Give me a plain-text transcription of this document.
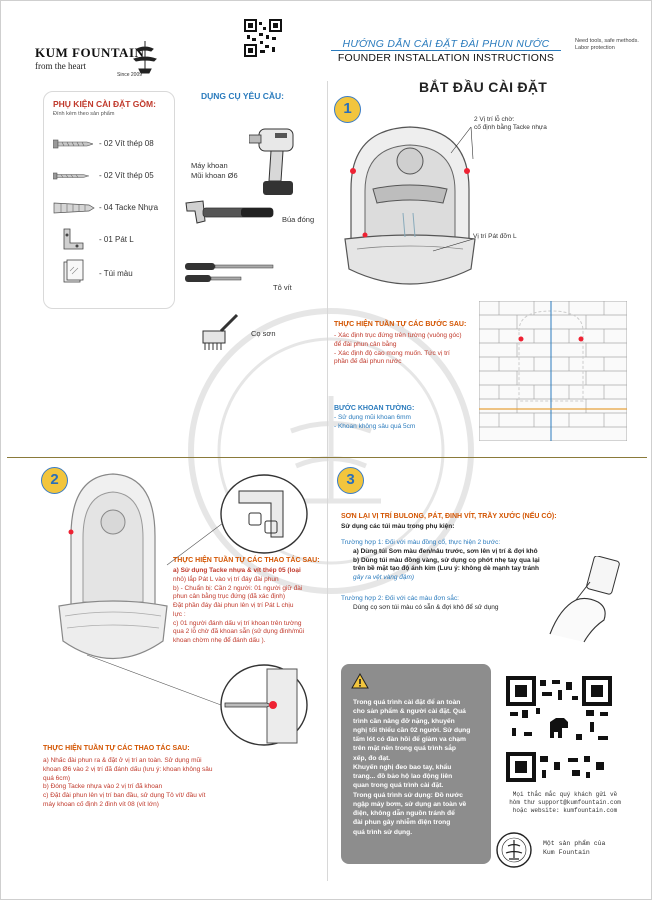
KUM FOUNTAIN
from the heart
Since 2009
HƯỚNG DẪN CÀI ĐẶT ĐÀI PHUN NƯỚC
FOUNDER INSTALLATION INSTRUCTIONS
Need tools, safe methods. Labor protection
PHỤ KIỆN CÀI ĐẶT GỒM:
Đính kèm theo sản phẩm
- 02 Vít thép 08
- 02 Vít thép 05
- 04 Tacke Nhựa
- 01 Pát L
- Túi màu
DỤNG CỤ YÊU CẦU:
Máy khoan
Mũi khoan Ø6
Búa đóng
Tô vít
Cọ sơn
BẮT ĐẦU CÀI ĐẶT
1
2 Vị trí lỗ chờ:
cố định bằng Tacke nhựa
Vị trí Pát đỡn L
THỰC HIỆN TUẦN TỰ CÁC BƯỚC SAU:
- Xác định trục đứng trên tường (vuông góc)
để đài phun cân bằng
- Xác định độ cao mong muốn. Tức vị trí
phần đế đài phun nước
BƯỚC KHOAN TƯỜNG:
- Sử dụng mũi khoan 6mm
- Khoan không sâu quá 5cm
2
THỰC HIỆN TUẦN TỰ CÁC THAO TÁC SAU:
a) Sử dụng Tacke nhựa & vít thép 05 (loại
nhỏ) lắp Pát L vào vị trí đáy đài phun
b) - Chuẩn bị: Cần 2 người: 01 người giữ đài
phun cân bằng trục đứng (đã xác định)
Đặt phần đáy đài phun lên vị trí Pát L chịu
lực :
c) 01 người đánh dấu vị trí khoan trên tường
qua 2 lỗ chờ đã khoan sẵn (sử dụng đinh/mũi
khoan chờm nhẹ để đánh dấu ).
THỰC HIỆN TUẦN TỰ CÁC THAO TÁC SAU:
a) Nhấc đài phun ra & đặt ở vị trí an toàn. Sử dụng mũi
khoan Ø6 vào 2 vị trí đã đánh dấu (lưu ý: khoan không sâu
quá 6cm)
b) Đóng Tacke nhựa vào 2 vị trí đã khoan
c) Đặt đài phun lên vị trí ban đầu, sử dụng Tô vít/ đầu vít
máy khoan cố định 2 đinh vít 08 (vít lớn)
3
SƠN LẠI VỊ TRÍ BULONG, PÁT, ĐINH VÍT, TRẦY XƯỚC (NẾU CÓ):
Sử dụng các túi màu trong phụ kiện:
Trường hợp 1: Đối với màu đồng cổ, thực hiện 2 bước:
a) Dùng túi Sơn màu đen/nâu trước, sơn lên vị trí & đợi khô
b) Dùng túi màu đồng vàng, sử dụng cọ phớt nhẹ tay qua lại
trên bề mặt tạo độ ánh kim (Lưu ý: không dè mạnh tay tránh
gây ra vệt vàng đậm)
Trường hợp 2: Đối với các màu đơn sắc:
Dùng cọ sơn túi màu có sẵn & đợi khô để sử dụng
Trong quá trình cài đặt để an toàn
cho sản phẩm & người cài đặt. Quá
trình cần nâng đỡ nặng, khuyến
nghị tối thiểu cần 02 người. Sử dụng
tấm lót có đàn hồi để giảm va chạm
trên mặt nền trong quá trình sắp
xếp, đo đạt.
Khuyến nghị đeo bao tay, khẩu
trang... đồ bảo hộ lao động liên
quan trong quá trình cài đặt.
Trong quá trình sử dụng: Đồ nước
ngập máy bơm, sử dụng an toàn về
điện, không dẫn nguồn tránh để
đài phun gây nhiễm điện trong
quá trình sử dụng.
Mọi thắc mắc quý khách gửi về
hòm thư support@kumfountain.com
hoặc website: kumfountain.com
Một sản phẩm của
Kum Fountain
